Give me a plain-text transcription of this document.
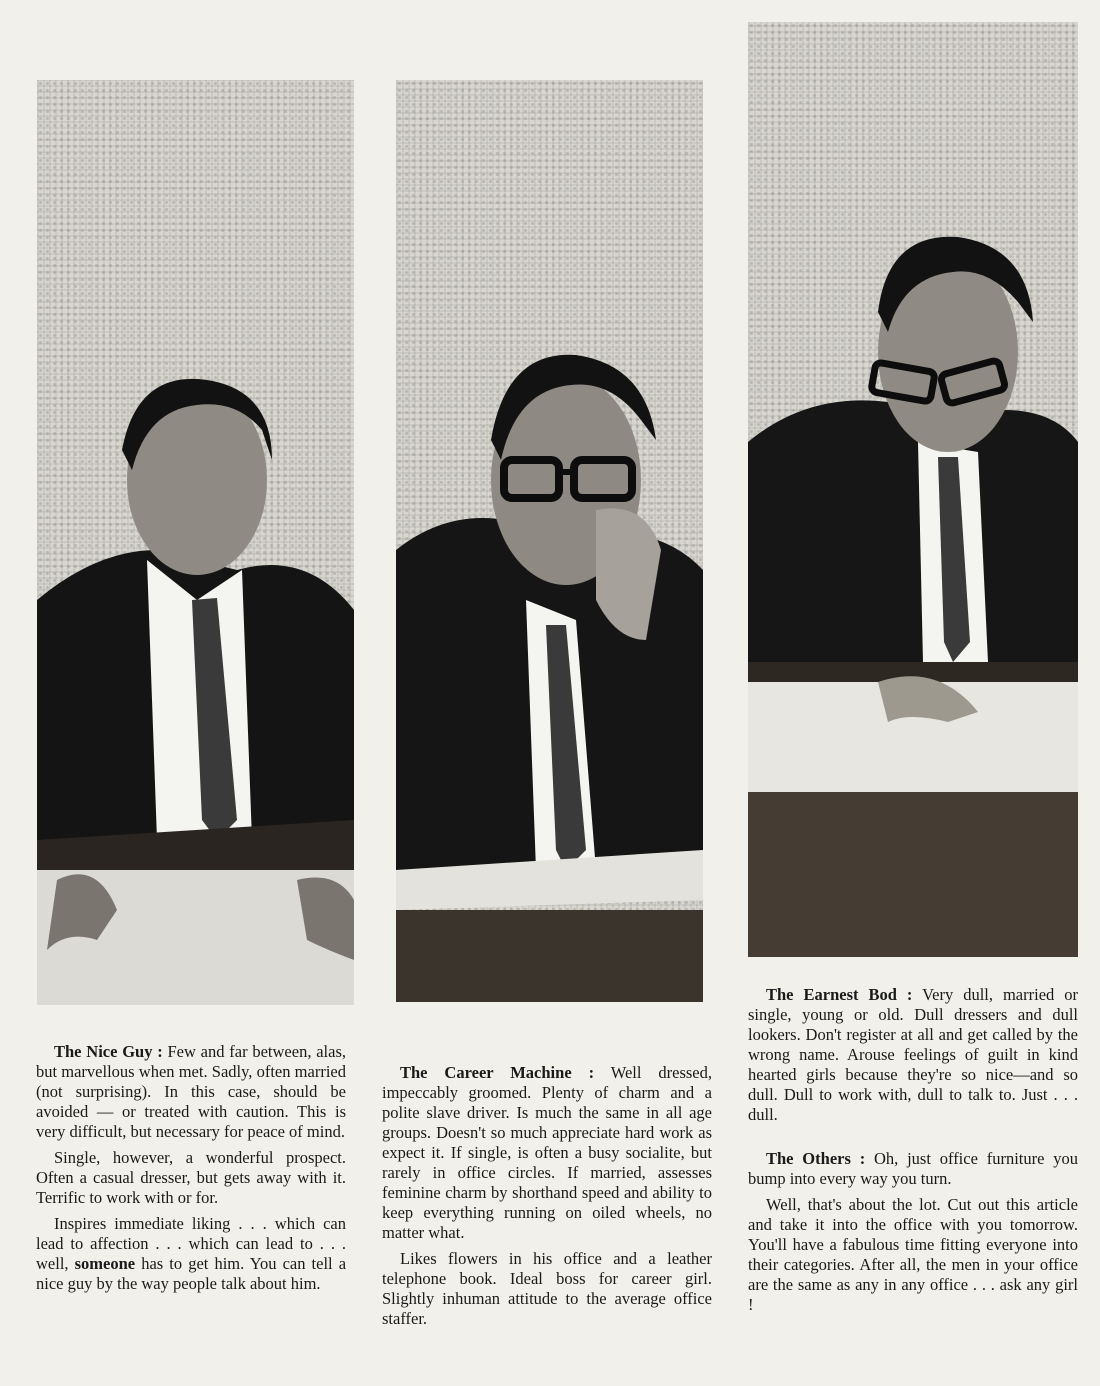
The Nice Guy : Few and far between, alas, but marvellous when met. Sadly, often married (not surprising). In this case, should be avoided — or treated with caution. This is very difficult, but necessary for peace of mind.

Single, however, a wonderful prospect. Often a casual dresser, but gets away with it. Terrific to work with or for.

Inspires immediate liking . . . which can lead to affection . . . which can lead to . . . well, someone has to get him. You can tell a nice guy by the way people talk about him.

The Career Machine : Well dressed, impeccably groomed. Plenty of charm and a polite slave driver. Is much the same in all age groups. Doesn't so much appreciate hard work as expect it. If single, is often a busy socialite, but rarely in office circles. If married, assesses feminine charm by shorthand speed and ability to keep everything running on oiled wheels, no matter what.

Likes flowers in his office and a leather telephone book. Ideal boss for career girl. Slightly inhuman attitude to the average office staffer.

The Earnest Bod : Very dull, married or single, young or old. Dull dressers and dull lookers. Don't register at all and get called by the wrong name. Arouse feelings of guilt in kind hearted girls because they're so nice—and so dull. Dull to work with, dull to talk to. Just . . . dull.

The Others : Oh, just office furniture you bump into every way you turn.

Well, that's about the lot. Cut out this article and take it into the office with you tomorrow. You'll have a fabulous time fitting everyone into their categories. After all, the men in your office are the same as any in any office . . . ask any girl !
